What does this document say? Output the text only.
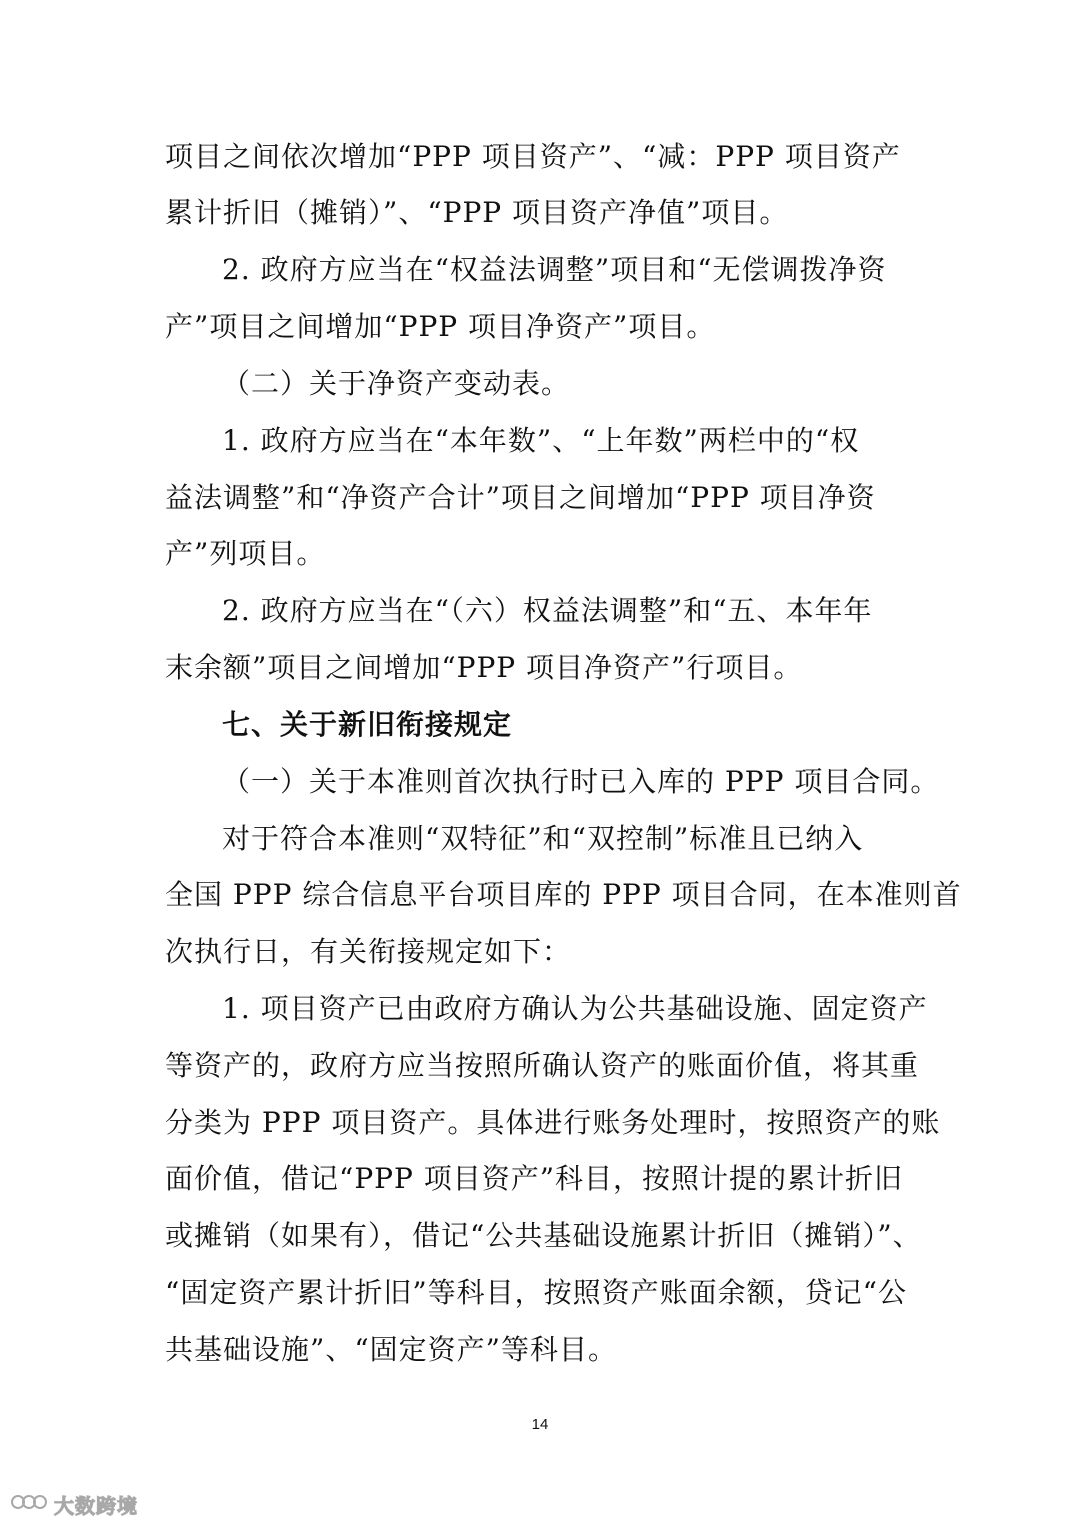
项目之间依次增加“PPP 项目资产”、“减：PPP 项目资产
累计折旧（摊销）”、“PPP 项目资产净值”项目。
2. 政府方应当在“权益法调整”项目和“无偿调拨净资
产”项目之间增加“PPP 项目净资产”项目。
（二）关于净资产变动表。
1. 政府方应当在“本年数”、“上年数”两栏中的“权
益法调整”和“净资产合计”项目之间增加“PPP 项目净资
产”列项目。
2. 政府方应当在“（六）权益法调整”和“五、本年年
末余额”项目之间增加“PPP 项目净资产”行项目。
七、关于新旧衔接规定
（一）关于本准则首次执行时已入库的 PPP 项目合同。
对于符合本准则“双特征”和“双控制”标准且已纳入
全国 PPP 综合信息平台项目库的 PPP 项目合同，在本准则首
次执行日，有关衔接规定如下：
1. 项目资产已由政府方确认为公共基础设施、固定资产
等资产的，政府方应当按照所确认资产的账面价值，将其重
分类为 PPP 项目资产。具体进行账务处理时，按照资产的账
面价值，借记“PPP 项目资产”科目，按照计提的累计折旧
或摊销（如果有），借记“公共基础设施累计折旧（摊销）”、
“固定资产累计折旧”等科目，按照资产账面余额，贷记“公
共基础设施”、“固定资产”等科目。
14
大数跨境
